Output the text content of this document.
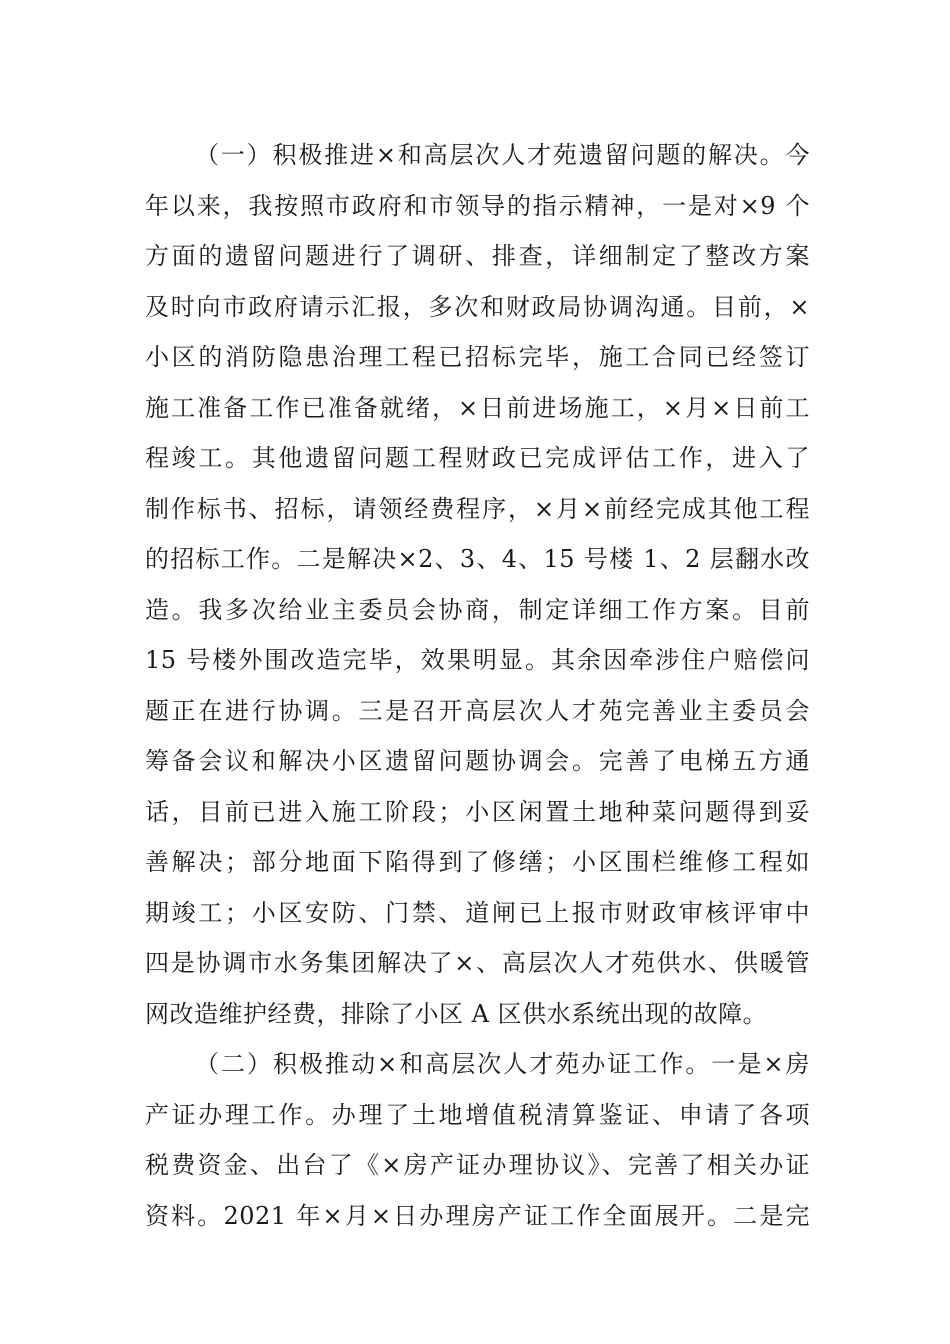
（一）积极推进×和高层次人才苑遗留问题的解决。今
年以来，我按照市政府和市领导的指示精神，一是对×9 个
方面的遗留问题进行了调研、排查，详细制定了整改方案
及时向市政府请示汇报，多次和财政局协调沟通。目前，×
小区的消防隐患治理工程已招标完毕，施工合同已经签订
施工准备工作已准备就绪，×日前进场施工，×月×日前工
程竣工。其他遗留问题工程财政已完成评估工作，进入了
制作标书、招标，请领经费程序，×月×前经完成其他工程
的招标工作。二是解决×2、3、4、15 号楼 1、2 层翻水改
造。我多次给业主委员会协商，制定详细工作方案。目前
15 号楼外围改造完毕，效果明显。其余因牵涉住户赔偿问
题正在进行协调。三是召开高层次人才苑完善业主委员会
筹备会议和解决小区遗留问题协调会。完善了电梯五方通
话，目前已进入施工阶段；小区闲置土地种菜问题得到妥
善解决；部分地面下陷得到了修缮；小区围栏维修工程如
期竣工；小区安防、门禁、道闸已上报市财政审核评审中
四是协调市水务集团解决了×、高层次人才苑供水、供暖管
网改造维护经费，排除了小区 A 区供水系统出现的故障。
（二）积极推动×和高层次人才苑办证工作。一是×房
产证办理工作。办理了土地增值税清算鉴证、申请了各项
税费资金、出台了《×房产证办理协议》、完善了相关办证
资料。2021 年×月×日办理房产证工作全面展开。二是完
